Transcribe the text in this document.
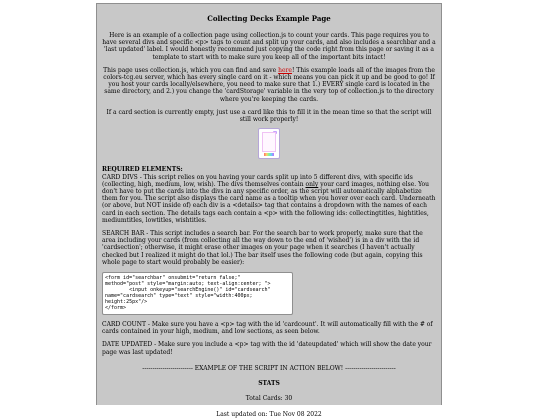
Collecting Decks Example Page

Here is an example of a collection page using collection.js to count your cards. This page requires you to have several divs and specific <p> tags to count and split up your cards, and also includes a searchbar and a 'last updated' label. I would honestly recommend just copying the code right from this page or saving it as a template to start with to make sure you keep all of the important bits intact!

This page uses collection.js, which you can find and save here! This example loads all of the images from the colors-tcg.eu server, which has every single card on it - which means you can pick it up and be good to go! If you host your cards locally/elsewhere, you need to make sure that 1.) EVERY single card is located in the same directory, and 2.) you change the 'cardStorage' variable in the very top of collection.js to the directory where you're keeping the cards.

If a card section is currently empty, just use a card like this to fill it in the mean time so that the script will still work properly!

REQUIRED ELEMENTS:

CARD DIVS - This script relies on you having your cards split up into 5 different divs, with specific ids (collecting, high, medium, low, wish). The divs themselves contain only your card images, nothing else. You don't have to put the cards into the divs in any specific order, as the script will automatically alphabetize them for you. The script also displays the card name as a tooltip when you hover over each card. Underneath (or above, but NOT inside of) each div is a <details> tag that contains a dropdown with the names of each card in each section. The details tags each contain a <p> with the following ids: collectingtitles, hightitles, mediumtitles, lowtitles, wishtitles.

SEARCH BAR - This script includes a search bar. For the search bar to work properly, make sure that the area including your cards (from collecting all the way down to the end of 'wished') is in a div with the id 'cardsection'; otherwise, it might erase other images on your page when it searches (I haven't actually checked but I realized it might do that lol.) The bar itself uses the following code (but again, copying this whole page to start would probably be easier):

<form id="searchbar" onsubmit="return false;" method="post" style="margin:auto; text-align:center; "> <input onkeyup="searchEngine()" id="cardsearch" name="cardsearch" type="text" style="width:400px; height:25px"/> </form>

CARD COUNT - Make sure you have a <p> tag with the id 'cardcount'. It will automatically fill with the # of cards contained in your high, medium, and low sections, as seen below.

DATE UPDATED - Make sure you include a <p> tag with the id 'dateupdated' which will show the date your page was last updated!

------------------------- EXAMPLE OF THE SCRIPT IN ACTION BELOW! -------------------------

STATS

Total Cards: 30

Last updated on: Tue Nov 08 2022
